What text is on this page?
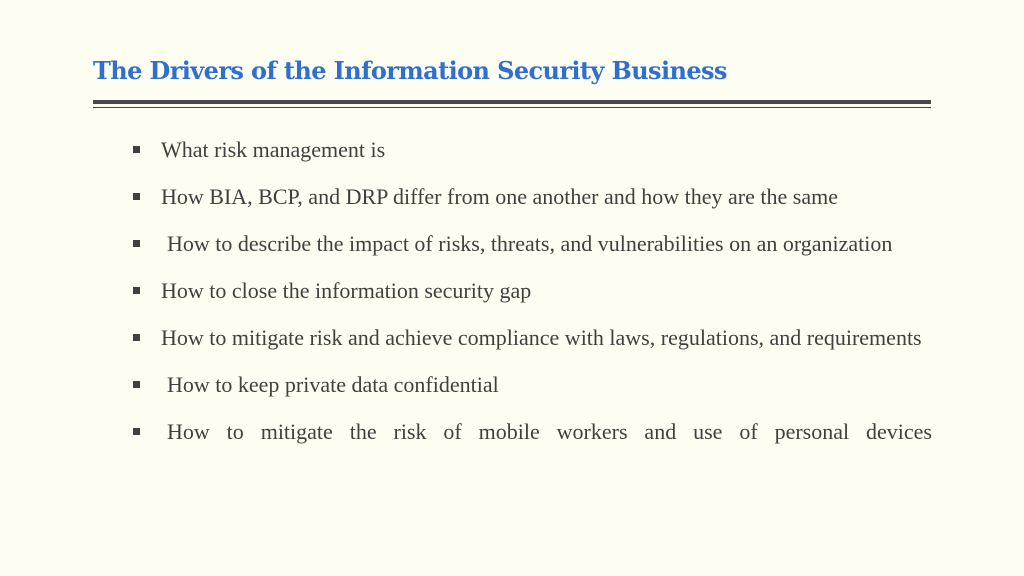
The Drivers of the Information Security Business
What risk management is
How BIA, BCP, and DRP differ from one another and how they are the same
How to describe the impact of risks, threats, and vulnerabilities on an organization
How to close the information security gap
How to mitigate risk and achieve compliance with laws, regulations, and requirements
How to keep private data confidential
How to mitigate the risk of mobile workers and use of personal devices
